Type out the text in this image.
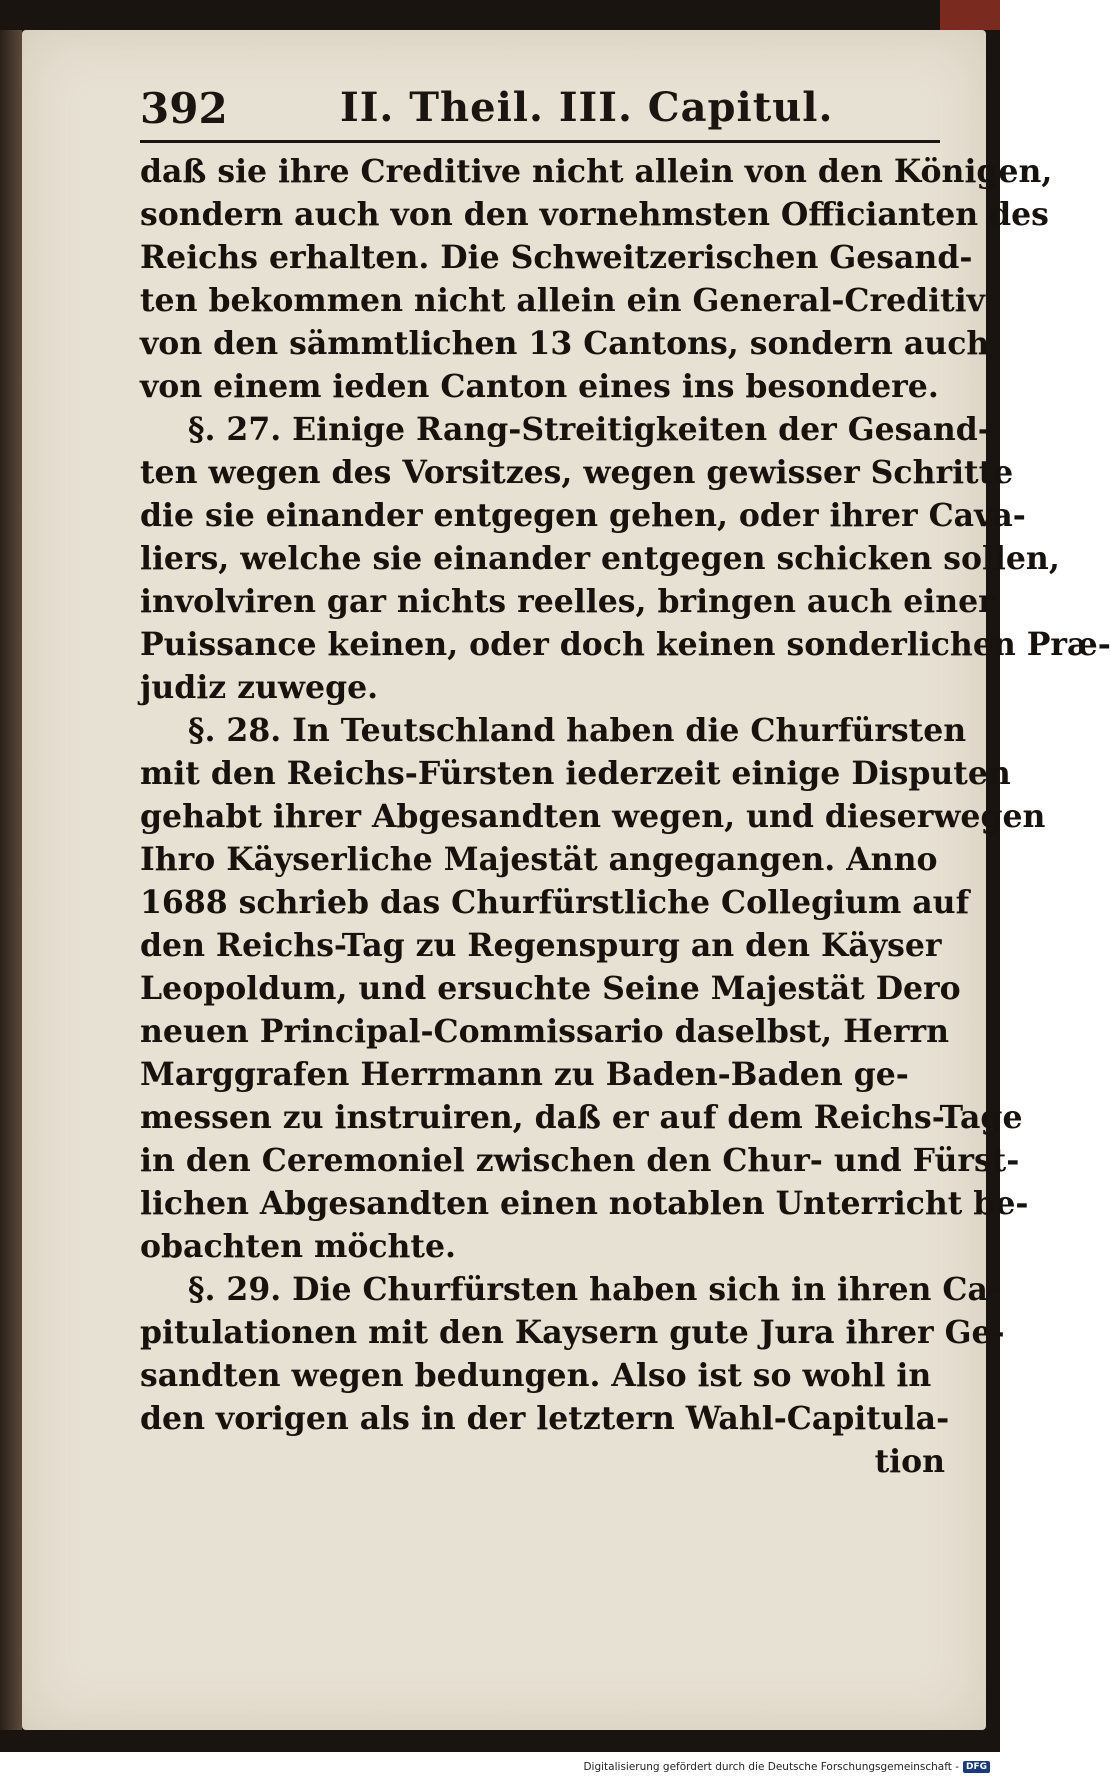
392	II. Theil. III. Capitul.
daß sie ihre Creditive nicht allein von den Königen,
sondern auch von den vornehmsten Officianten des
Reichs erhalten. Die Schweitzerischen Gesand-
ten bekommen nicht allein ein General-Creditiv
von den sämmtlichen 13 Cantons, sondern auch
von einem ieden Canton eines ins besondere.
§. 27. Einige Rang-Streitigkeiten der Gesand-
ten wegen des Vorsitzes, wegen gewisser Schritte
die sie einander entgegen gehen, oder ihrer Cava-
liers, welche sie einander entgegen schicken sollen,
involviren gar nichts reelles, bringen auch einer
Puissance keinen, oder doch keinen sonderlichen Præ-
judiz zuwege.
§. 28. In Teutschland haben die Churfürsten
mit den Reichs-Fürsten iederzeit einige Disputen
gehabt ihrer Abgesandten wegen, und dieserwegen
Ihro Käyserliche Majestät angegangen. Anno
1688 schrieb das Churfürstliche Collegium auf
den Reichs-Tag zu Regenspurg an den Käyser
Leopoldum, und ersuchte Seine Majestät Dero
neuen Principal-Commissario daselbst, Herrn
Marggrafen Herrmann zu Baden-Baden ge-
messen zu instruiren, daß er auf dem Reichs-Tage
in den Ceremoniel zwischen den Chur- und Fürst-
lichen Abgesandten einen notablen Unterricht be-
obachten möchte.
§. 29. Die Churfürsten haben sich in ihren Ca-
pitulationen mit den Kaysern gute Jura ihrer Ge-
sandten wegen bedungen. Also ist so wohl in
den vorigen als in der letztern Wahl-Capitula-
tion
Digitalisierung gefördert durch die Deutsche Forschungsgemeinschaft - DFG
